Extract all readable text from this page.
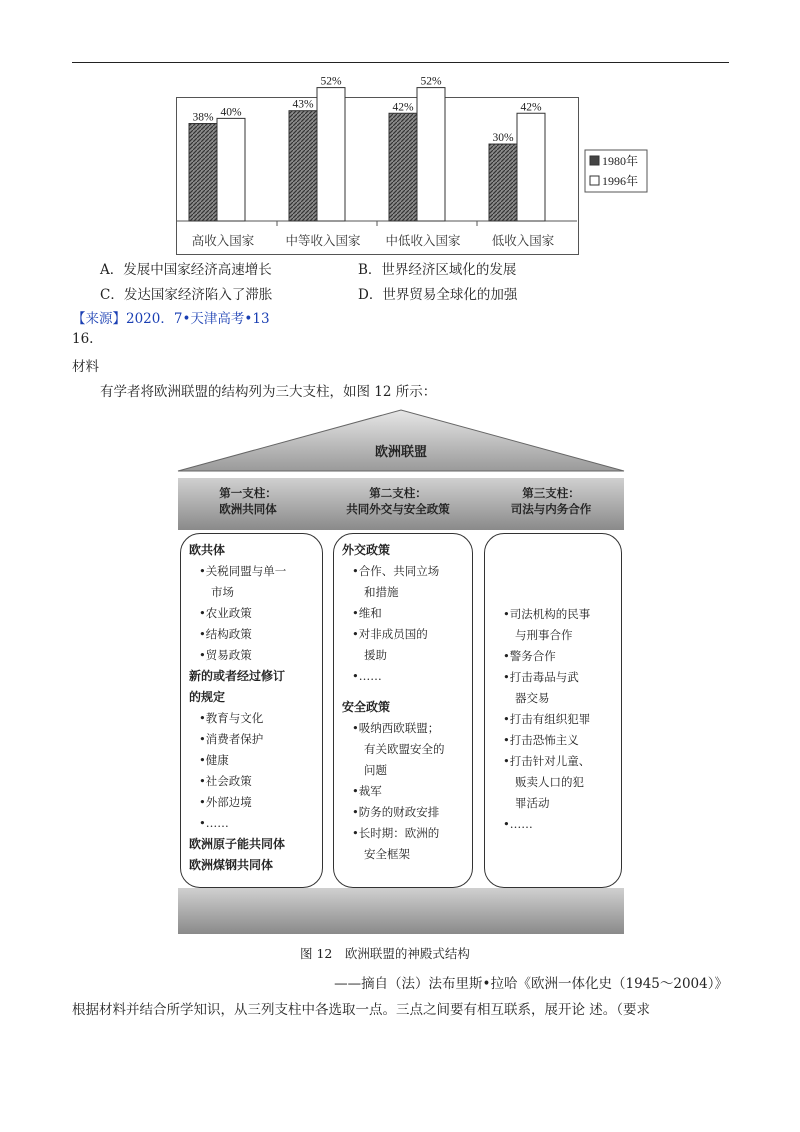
38% 40%
高收入国家
43%
52%
中等收入国家
42%
52%
中低收入国家
30%
42%
低收入国家
1980年
1996年
A．发展中国家经济高速增长	B．世界经济区域化的发展
C．发达国家经济陷入了滞胀	D．世界贸易全球化的加强
【来源】2020．7•天津高考•13
16.
材料
有学者将欧洲联盟的结构列为三大支柱，如图 12 所示：
欧洲联盟
第一支柱：
欧洲共同体
第二支柱：
共同外交与安全政策
第三支柱：
司法与内务合作
欧共体
•关税同盟与单一
市场
•农业政策
•结构政策
•贸易政策
新的或者经过修订
的规定
•教育与文化
•消费者保护
•健康
•社会政策
•外部边境
•……
欧洲原子能共同体
欧洲煤钢共同体
外交政策
•合作、共同立场
和措施
•维和
•对非成员国的
援助
•……
安全政策
•吸纳西欧联盟；
有关欧盟安全的
问题
•裁军
•防务的财政安排
•长时期：欧洲的
安全框架
•司法机构的民事
与刑事合作
•警务合作
•打击毒品与武
器交易
•打击有组织犯罪
•打击恐怖主义
•打击针对儿童、
贩卖人口的犯
罪活动
•……
图 12　欧洲联盟的神殿式结构
——摘自（法）法布里斯•拉哈《欧洲一体化史（1945～2004）》
根据材料并结合所学知识，从三列支柱中各选取一点。三点之间要有相互联系，展开论 述。（要求
